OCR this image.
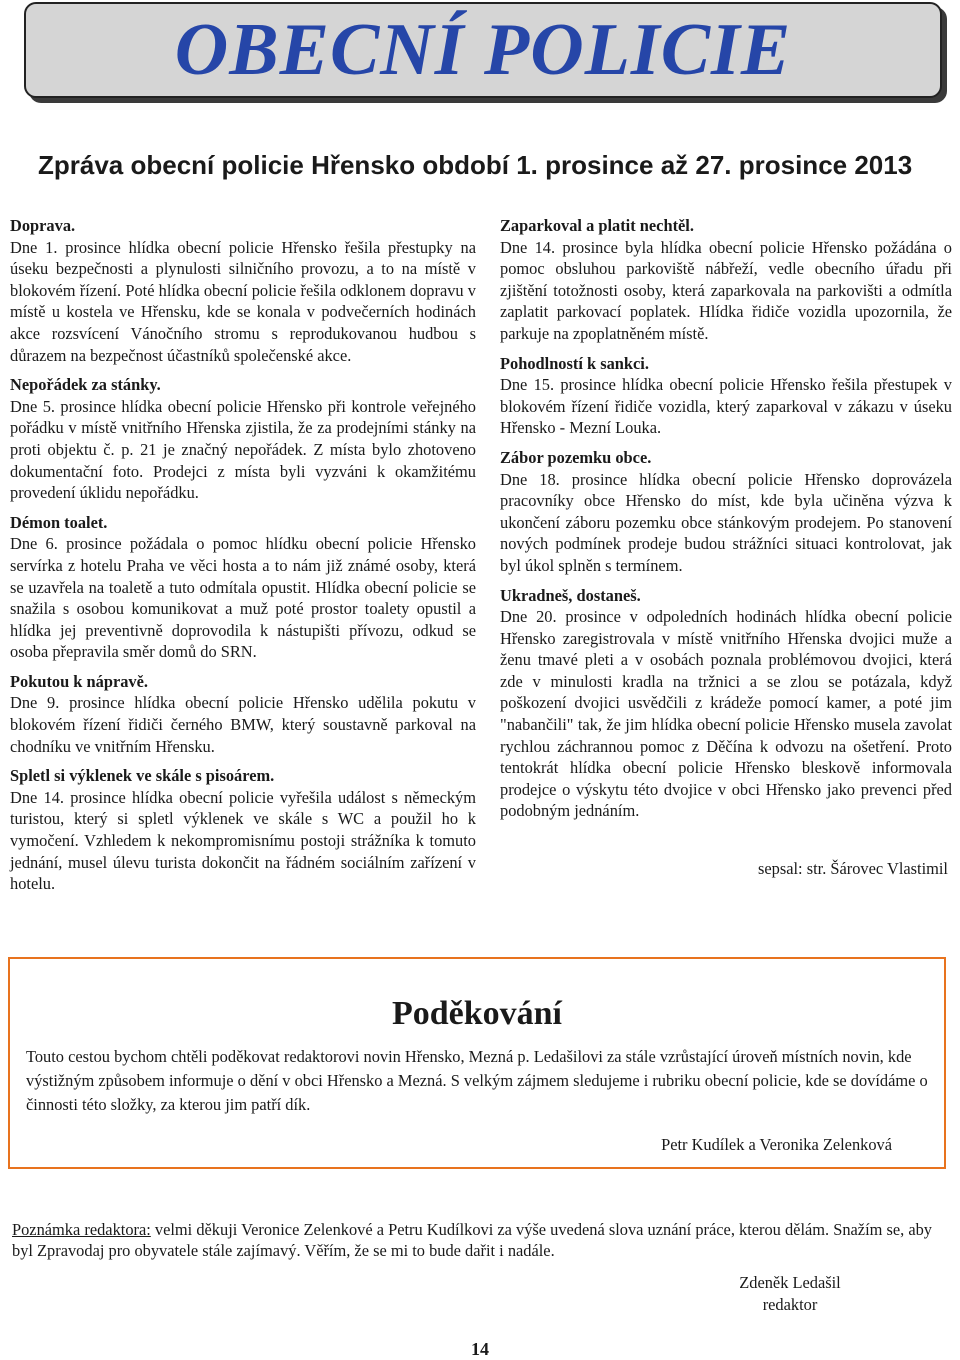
OBECNÍ POLICIE
Zpráva obecní policie Hřensko období 1. prosince až 27. prosince 2013

Doprava.

Dne 1. prosince hlídka obecní policie Hřensko řešila přestupky na úseku bezpečnosti a plynulosti silničního provozu, a to na místě v blokovém řízení. Poté hlídka obecní policie řešila odklonem dopravu v místě u kostela ve Hřensku, kde se konala v podvečerních hodinách akce rozsvícení Vánočního stromu s reprodukovanou hudbou s důrazem na bezpečnost účastníků společenské akce.

Nepořádek za stánky.

Dne 5. prosince hlídka obecní policie Hřensko při kontrole veřejného pořádku v místě vnitřního Hřenska zjistila, že za prodejními stánky na proti objektu č. p. 21 je značný nepořádek. Z místa bylo zhotoveno dokumentační foto. Prodejci z místa byli vyzváni k okamžitému provedení úklidu nepořádku.

Démon toalet.

Dne 6. prosince požádala o pomoc hlídku obecní policie Hřensko servírka z hotelu Praha ve věci hosta a to nám již známé osoby, která se uzavřela na toaletě a tuto odmítala opustit. Hlídka obecní policie se snažila s osobou komunikovat a muž poté prostor toalety opustil a hlídka jej preventivně doprovodila k nástupišti přívozu, odkud se osoba přepravila směr domů do SRN.

Pokutou k nápravě.

Dne 9. prosince hlídka obecní policie Hřensko udělila pokutu v blokovém řízení řidiči černého BMW, který soustavně parkoval na chodníku ve vnitřním Hřensku.

Spletl si výklenek ve skále s pisoárem.

Dne 14. prosince hlídka obecní policie vyřešila událost s německým turistou, který si spletl výklenek ve skále s WC a použil ho k vymočení. Vzhledem k nekompromisnímu postoji strážníka k tomuto jednání, musel úlevu turista dokončit na řádném sociálním zařízení v hotelu.

Zaparkoval a platit nechtěl.

Dne 14. prosince byla hlídka obecní policie Hřensko požádána o pomoc obsluhou parkoviště nábřeží, vedle obecního úřadu při zjištění totožnosti osoby, která zaparkovala na parkovišti a odmítla zaplatit parkovací poplatek. Hlídka řidiče vozidla upozornila, že parkuje na zpoplatněném místě.

Pohodlností k sankci.

Dne 15. prosince hlídka obecní policie Hřensko řešila přestupek v blokovém řízení řidiče vozidla, který zaparkoval v zákazu v úseku Hřensko - Mezní Louka.

Zábor pozemku obce.

Dne 18. prosince hlídka obecní policie Hřensko doprovázela pracovníky obce Hřensko do míst, kde byla učiněna výzva k ukončení záboru pozemku obce stánkovým prodejem. Po stanovení nových podmínek prodeje budou strážníci situaci kontrolovat, jak byl úkol splněn s termínem.

Ukradneš, dostaneš.

Dne 20. prosince v odpoledních hodinách hlídka obecní policie Hřensko zaregistrovala v místě vnitřního Hřenska dvojici muže a ženu tmavé pleti a v osobách poznala problémovou dvojici, která zde v minulosti kradla na tržnici a se zlou se potázala, když poškození dvojici usvědčili z krádeže pomocí kamer, a poté jim "nabančili" tak, že jim hlídka obecní policie Hřensko musela zavolat rychlou záchrannou pomoc z Děčína k odvozu na ošetření. Proto tentokrát hlídka obecní policie Hřensko bleskově informovala prodejce o výskytu této dvojice v obci Hřensko jako prevenci před podobným jednáním.

sepsal: str. Šárovec Vlastimil
Poděkování
Touto cestou bychom chtěli poděkovat redaktorovi novin Hřensko, Mezná p. Ledašilovi za stále vzrůstající úroveň místních novin, kde výstižným způsobem informuje o dění v obci Hřensko a Mezná. S velkým zájmem sledujeme i rubriku obecní policie, kde se dovídáme o činnosti této složky, za kterou jim patří dík.
Petr Kudílek a Veronika Zelenková
Poznámka redaktora: velmi děkuji Veronice Zelenkové a Petru Kudílkovi za výše uvedená slova uznání práce, kterou dělám. Snažím se, aby byl Zpravodaj pro obyvatele stále zajímavý. Věřím, že se mi to bude dařit i nadále.
Zdeněk Ledašil
redaktor
14
